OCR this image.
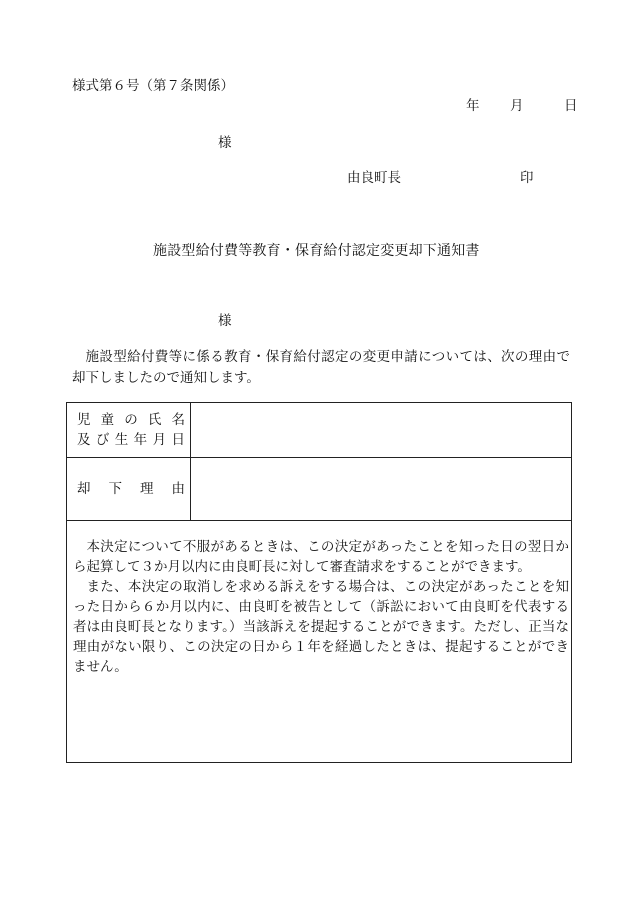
様式第６号（第７条関係）
年 月	日
様
由良町長	印
施設型給付費等教育・保育給付認定変更却下通知書
様
施設型給付費等に係る教育・保育給付認定の変更申請については、次の理由で却下しましたので通知します。
児 童 の 氏 名
及 び 生 年 月 日
却 下 理 由

本決定について不服があるときは、この決定があったことを知った日の翌日から起算して３か月以内に由良町長に対して審査請求をすることができます。

また、本決定の取消しを求める訴えをする場合は、この決定があったことを知った日から６か月以内に、由良町を被告として（訴訟において由良町を代表する者は由良町長となります。）当該訴えを提起することができます。ただし、正当な理由がない限り、この決定の日から１年を経過したときは、提起することができません。
